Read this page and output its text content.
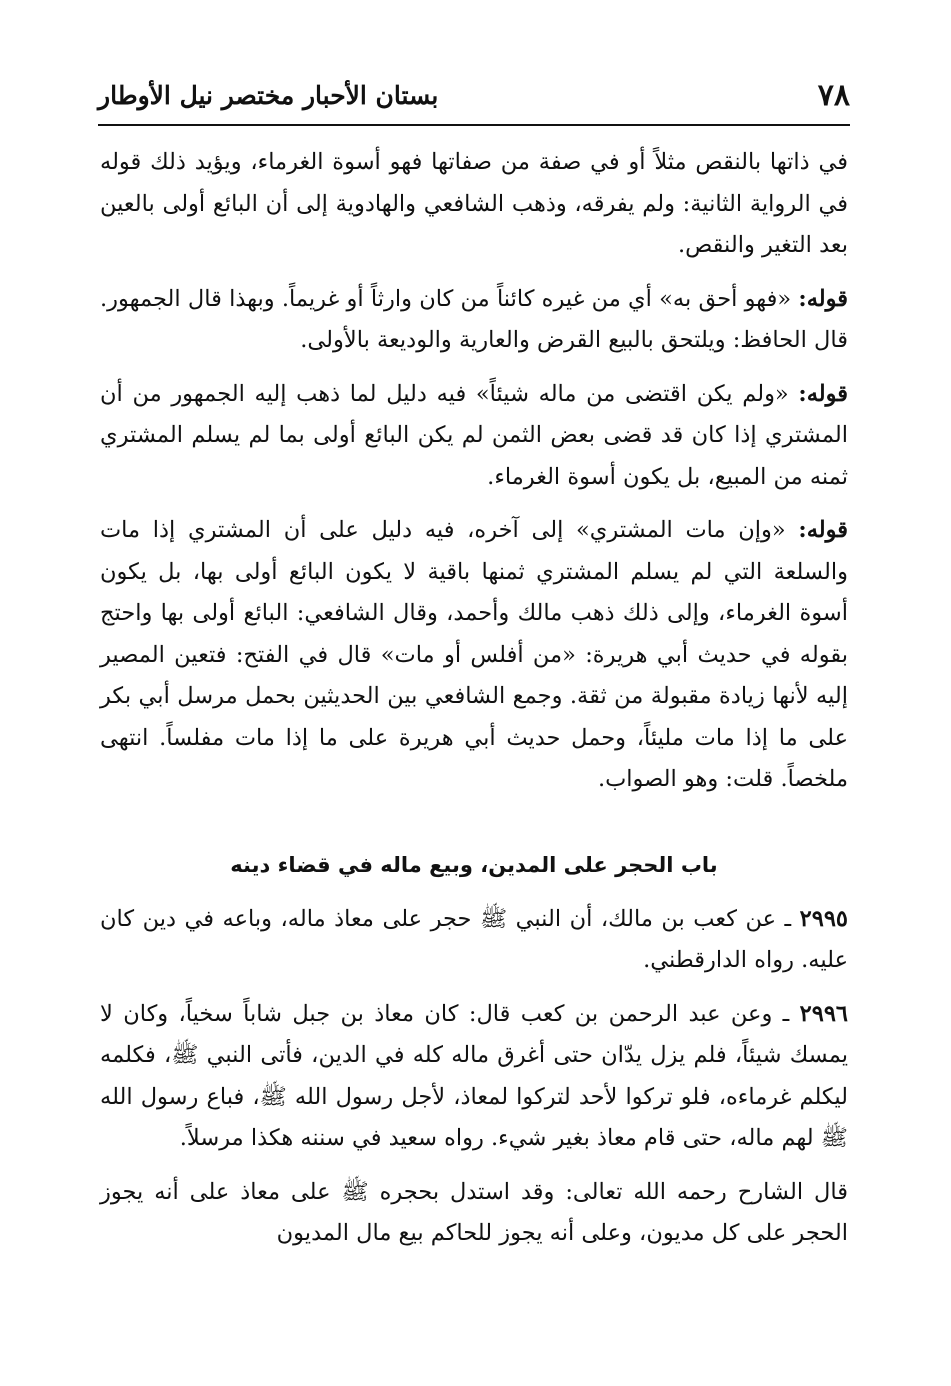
٧٨
بستان الأحبار مختصر نيل الأوطار

في ذاتها بالنقص مثلاً أو في صفة من صفاتها فهو أسوة الغرماء، ويؤيد ذلك قوله في الرواية الثانية: ولم يفرقه، وذهب الشافعي والهادوية إلى أن البائع أولى بالعين بعد التغير والنقص.

قوله: «فهو أحق به» أي من غيره كائناً من كان وارثاً أو غريماً. وبهذا قال الجمهور. قال الحافظ: ويلتحق بالبيع القرض والعارية والوديعة بالأولى.

قوله: «ولم يكن اقتضى من ماله شيئاً» فيه دليل لما ذهب إليه الجمهور من أن المشتري إذا كان قد قضى بعض الثمن لم يكن البائع أولى بما لم يسلم المشتري ثمنه من المبيع، بل يكون أسوة الغرماء.

قوله: «وإن مات المشتري» إلى آخره، فيه دليل على أن المشتري إذا مات والسلعة التي لم يسلم المشتري ثمنها باقية لا يكون البائع أولى بها، بل يكون أسوة الغرماء، وإلى ذلك ذهب مالك وأحمد، وقال الشافعي: البائع أولى بها واحتج بقوله في حديث أبي هريرة: «من أفلس أو مات» قال في الفتح: فتعين المصير إليه لأنها زيادة مقبولة من ثقة. وجمع الشافعي بين الحديثين بحمل مرسل أبي بكر على ما إذا مات مليئاً، وحمل حديث أبي هريرة على ما إذا مات مفلساً. انتهى ملخصاً. قلت: وهو الصواب.

باب الحجر على المدين، وبيع ماله في قضاء دينه

٢٩٩٥ ـ عن كعب بن مالك، أن النبي ﷺ حجر على معاذ ماله، وباعه في دين كان عليه. رواه الدارقطني.

٢٩٩٦ ـ وعن عبد الرحمن بن كعب قال: كان معاذ بن جبل شاباً سخياً، وكان لا يمسك شيئاً، فلم يزل يدّان حتى أغرق ماله كله في الدين، فأتى النبي ﷺ، فكلمه ليكلم غرماءه، فلو تركوا لأحد لتركوا لمعاذ، لأجل رسول الله ﷺ، فباع رسول الله ﷺ لهم ماله، حتى قام معاذ بغير شيء. رواه سعيد في سننه هكذا مرسلاً.

قال الشارح رحمه الله تعالى: وقد استدل بحجره ﷺ على معاذ على أنه يجوز الحجر على كل مديون، وعلى أنه يجوز للحاكم بيع مال المديون
